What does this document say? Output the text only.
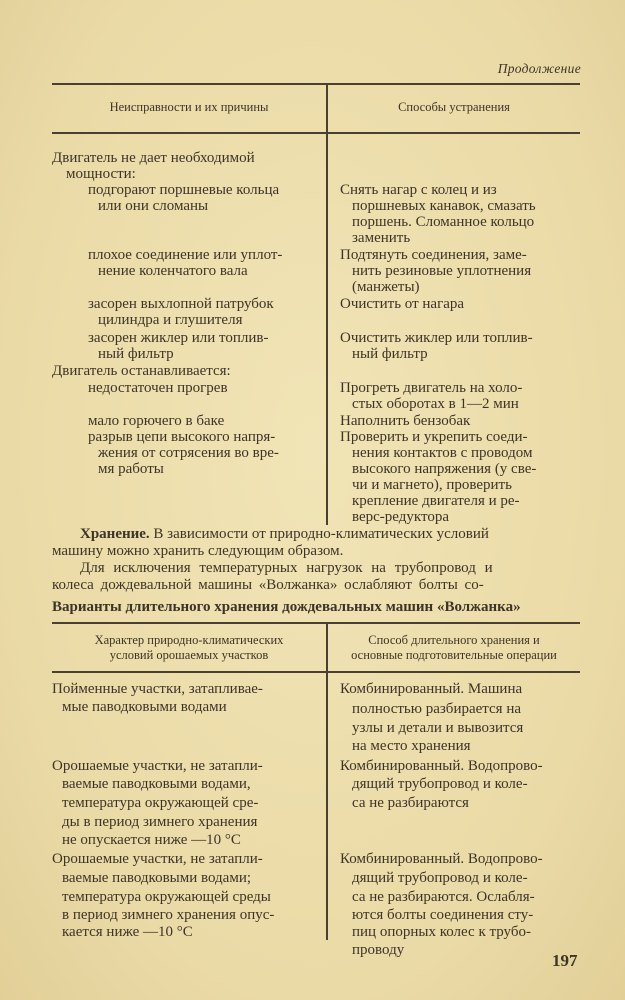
Продолжение
Неисправности и их причины	Способы устранения
Двигатель не дает необходимой
мощности:
подгорают поршневые кольца
или они сломаны
плохое соединение или уплот-
нение коленчатого вала
засорен выхлопной патрубок
цилиндра и глушителя
засорен жиклер или топлив-
ный фильтр
Двигатель останавливается:
недостаточен прогрев
мало горючего в баке
разрыв цепи высокого напря-
жения от сотрясения во вре-
мя работы
Снять нагар с колец и из
поршневых канавок, смазать
поршень. Сломанное кольцо
заменить
Подтянуть соединения, заме-
нить резиновые уплотнения
(манжеты)
Очистить от нагара
Очистить жиклер или топлив-
ный фильтр
Прогреть двигатель на холо-
стых оборотах в 1—2 мин
Наполнить бензобак
Проверить и укрепить соеди-
нения контактов с проводом
высокого напряжения (у све-
чи и магнето), проверить
крепление двигателя и ре-
верс-редуктора
Хранение. В зависимости от природно-климатических условий
машину можно хранить следующим образом.
Для исключения температурных нагрузок на трубопровод и
колеса дождевальной машины «Волжанка» ослабляют болты со-
Варианты длительного хранения дождевальных машин «Волжанка»
Характер природно-климатических
условий орошаемых участков
Способ длительного хранения и
основные подготовительные операции
Пойменные участки, затапливае-
мые паводковыми водами
Орошаемые участки, не затапли-
ваемые паводковыми водами,
температура окружающей сре-
ды в период зимнего хранения
не опускается ниже —10 °С
Орошаемые участки, не затапли-
ваемые паводковыми водами;
температура окружающей среды
в период зимнего хранения опус-
кается ниже —10 °С
Комбинированный. Машина
полностью разбирается на
узлы и детали и вывозится
на место хранения
Комбинированный. Водопрово-
дящий трубопровод и коле-
са не разбираются
Комбинированный. Водопрово-
дящий трубопровод и коле-
са не разбираются. Ослабля-
ются болты соединения сту-
пиц опорных колес к трубо-
проводу
197
